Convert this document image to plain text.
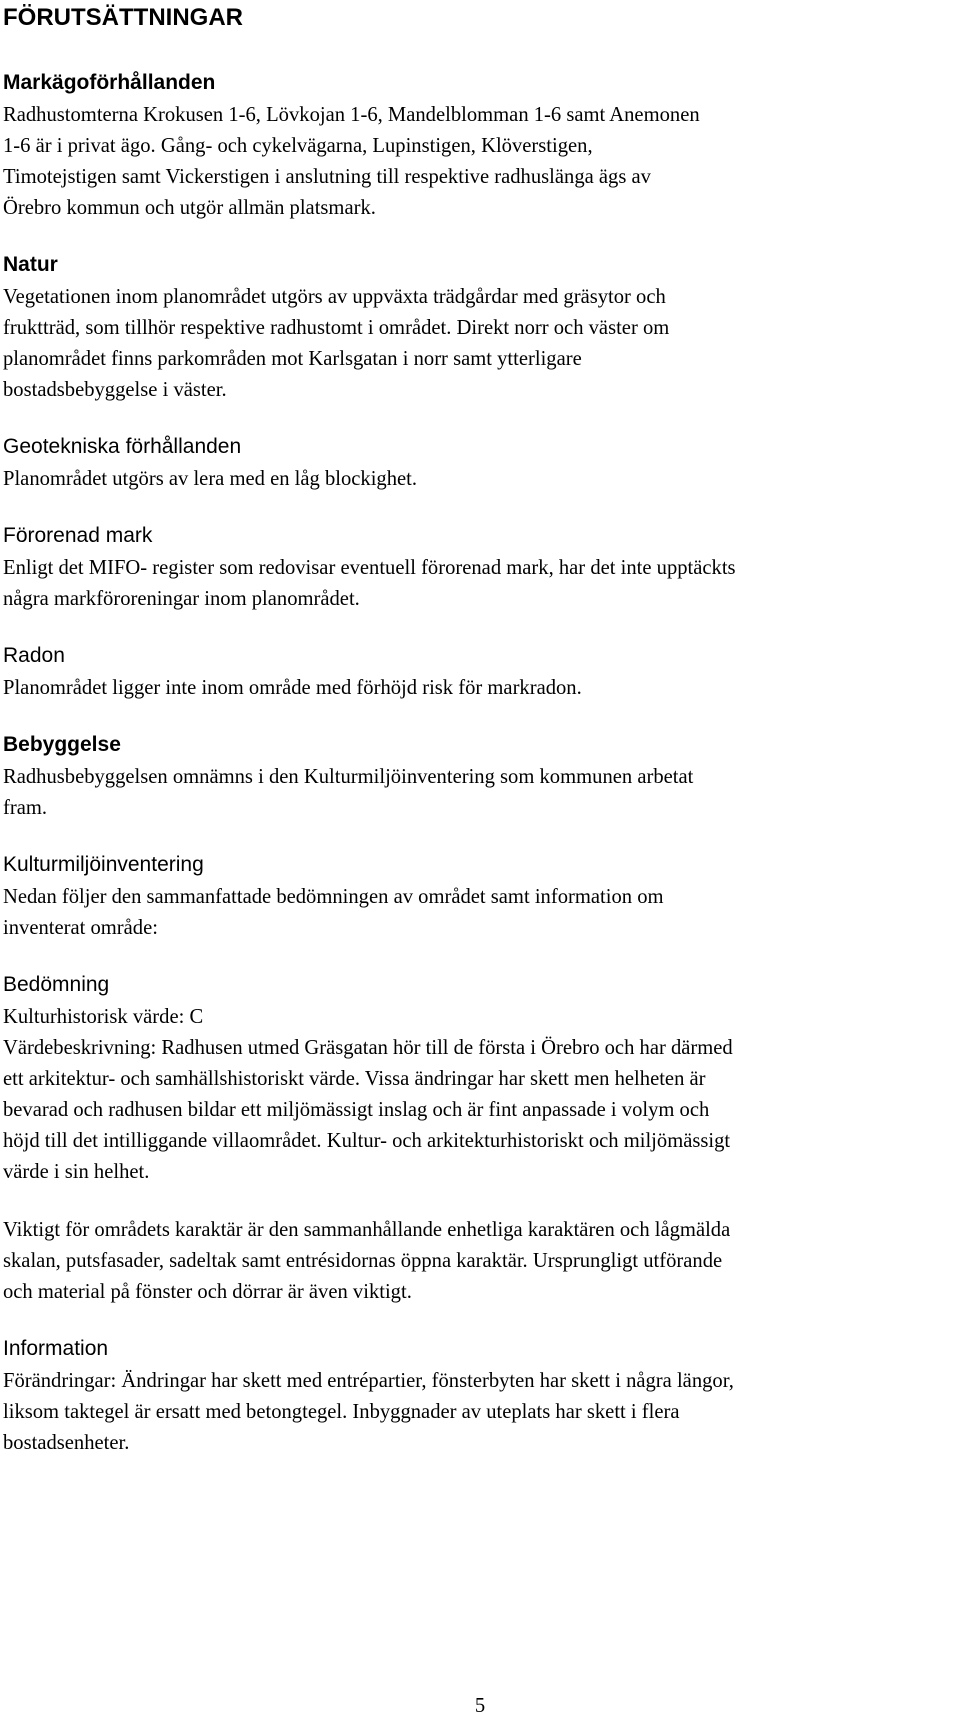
FÖRUTSÄTTNINGAR
Markägoförhållanden
Radhustomterna Krokusen 1-6, Lövkojan 1-6, Mandelblomman 1-6 samt Anemonen
1-6 är i privat ägo. Gång- och cykelvägarna, Lupinstigen, Klöverstigen,
Timotejstigen samt Vickerstigen i anslutning till respektive radhuslänga ägs av
Örebro kommun och utgör allmän platsmark.
Natur
Vegetationen inom planområdet utgörs av uppväxta trädgårdar med gräsytor och
fruktträd, som tillhör respektive radhustomt i området. Direkt norr och väster om
planområdet finns parkområden mot Karlsgatan i norr samt ytterligare
bostadsbebyggelse i väster.
Geotekniska förhållanden
Planområdet utgörs av lera med en låg blockighet.
Förorenad mark
Enligt det MIFO- register som redovisar eventuell förorenad mark, har det inte upptäckts
några markföroreningar inom planområdet.
Radon
Planområdet ligger inte inom område med förhöjd risk för markradon.
Bebyggelse
Radhusbebyggelsen omnämns i den Kulturmiljöinventering som kommunen arbetat
fram.
Kulturmiljöinventering
Nedan följer den sammanfattade bedömningen av området samt information om
inventerat område:
Bedömning
Kulturhistorisk värde: C
Värdebeskrivning: Radhusen utmed Gräsgatan hör till de första i Örebro och har därmed
ett arkitektur- och samhällshistoriskt värde. Vissa ändringar har skett men helheten är
bevarad och radhusen bildar ett miljömässigt inslag och är fint anpassade i volym och
höjd till det intilliggande villaområdet. Kultur- och arkitekturhistoriskt och miljömässigt
värde i sin helhet.
Viktigt för områdets karaktär är den sammanhållande enhetliga karaktären och lågmälda
skalan, putsfasader, sadeltak samt entrésidornas öppna karaktär. Ursprungligt utförande
och material på fönster och dörrar är även viktigt.
Information
Förändringar: Ändringar har skett med entrépartier, fönsterbyten har skett i några längor,
liksom taktegel är ersatt med betongtegel. Inbyggnader av uteplats har skett i flera
bostadsenheter.
5
